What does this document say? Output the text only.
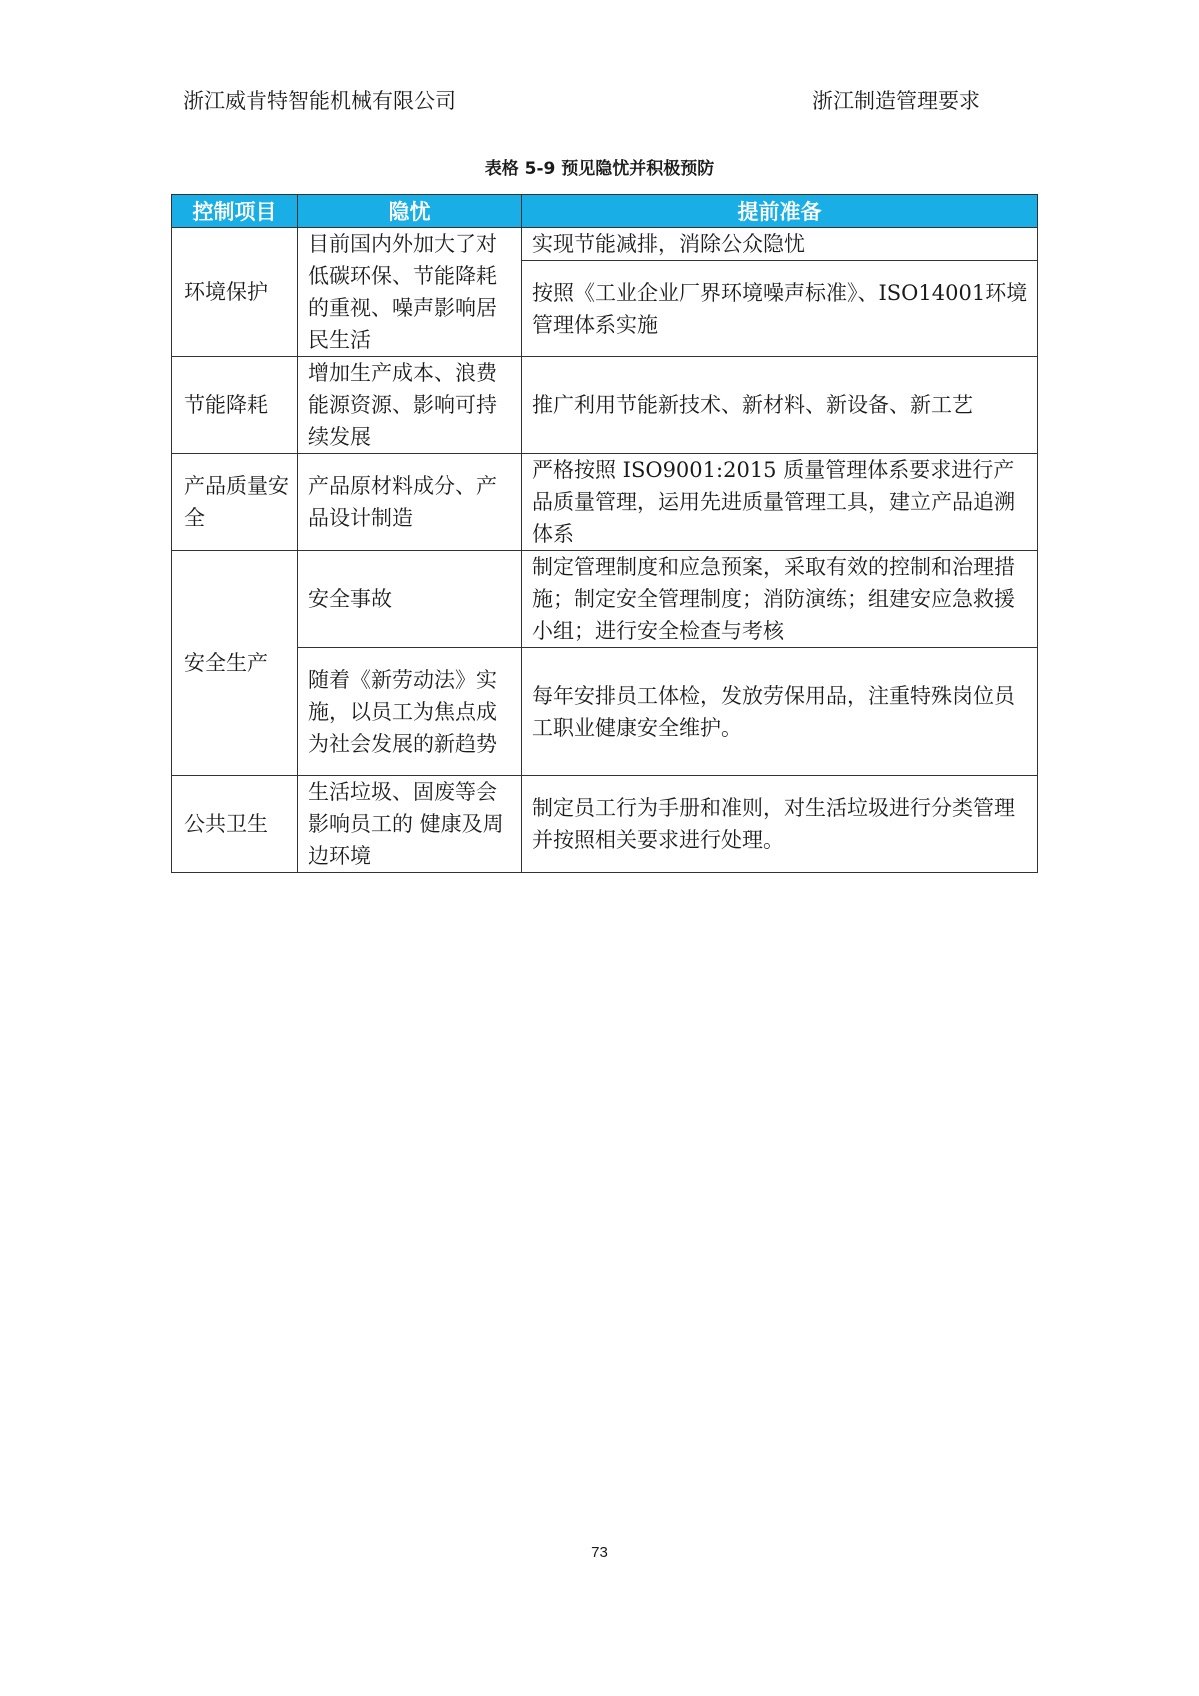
浙江威肯特智能机械有限公司	浙江制造管理要求
表格 5-9 预见隐忧并积极预防
控制项目	隐忧	提前准备
环境保护	目前国内外加大了对低碳环保、节能降耗的重视、噪声影响居民生活	实现节能减排，消除公众隐忧
		按照《工业企业厂界环境噪声标准》、ISO14001环境管理体系实施
节能降耗	增加生产成本、浪费能源资源、影响可持续发展	推广利用节能新技术、新材料、新设备、新工艺
产品质量安全	产品原材料成分、产品设计制造	严格按照 ISO9001:2015 质量管理体系要求进行产品质量管理，运用先进质量管理工具，建立产品追溯体系
安全生产	安全事故	制定管理制度和应急预案，采取有效的控制和治理措施；制定安全管理制度；消防演练；组建安应急救援小组；进行安全检查与考核
	随着《新劳动法》实施，以员工为焦点成为社会发展的新趋势	每年安排员工体检，发放劳保用品，注重特殊岗位员工职业健康安全维护。
公共卫生	生活垃圾、固废等会影响员工的 健康及周边环境	制定员工行为手册和准则，对生活垃圾进行分类管理并按照相关要求进行处理。
73
